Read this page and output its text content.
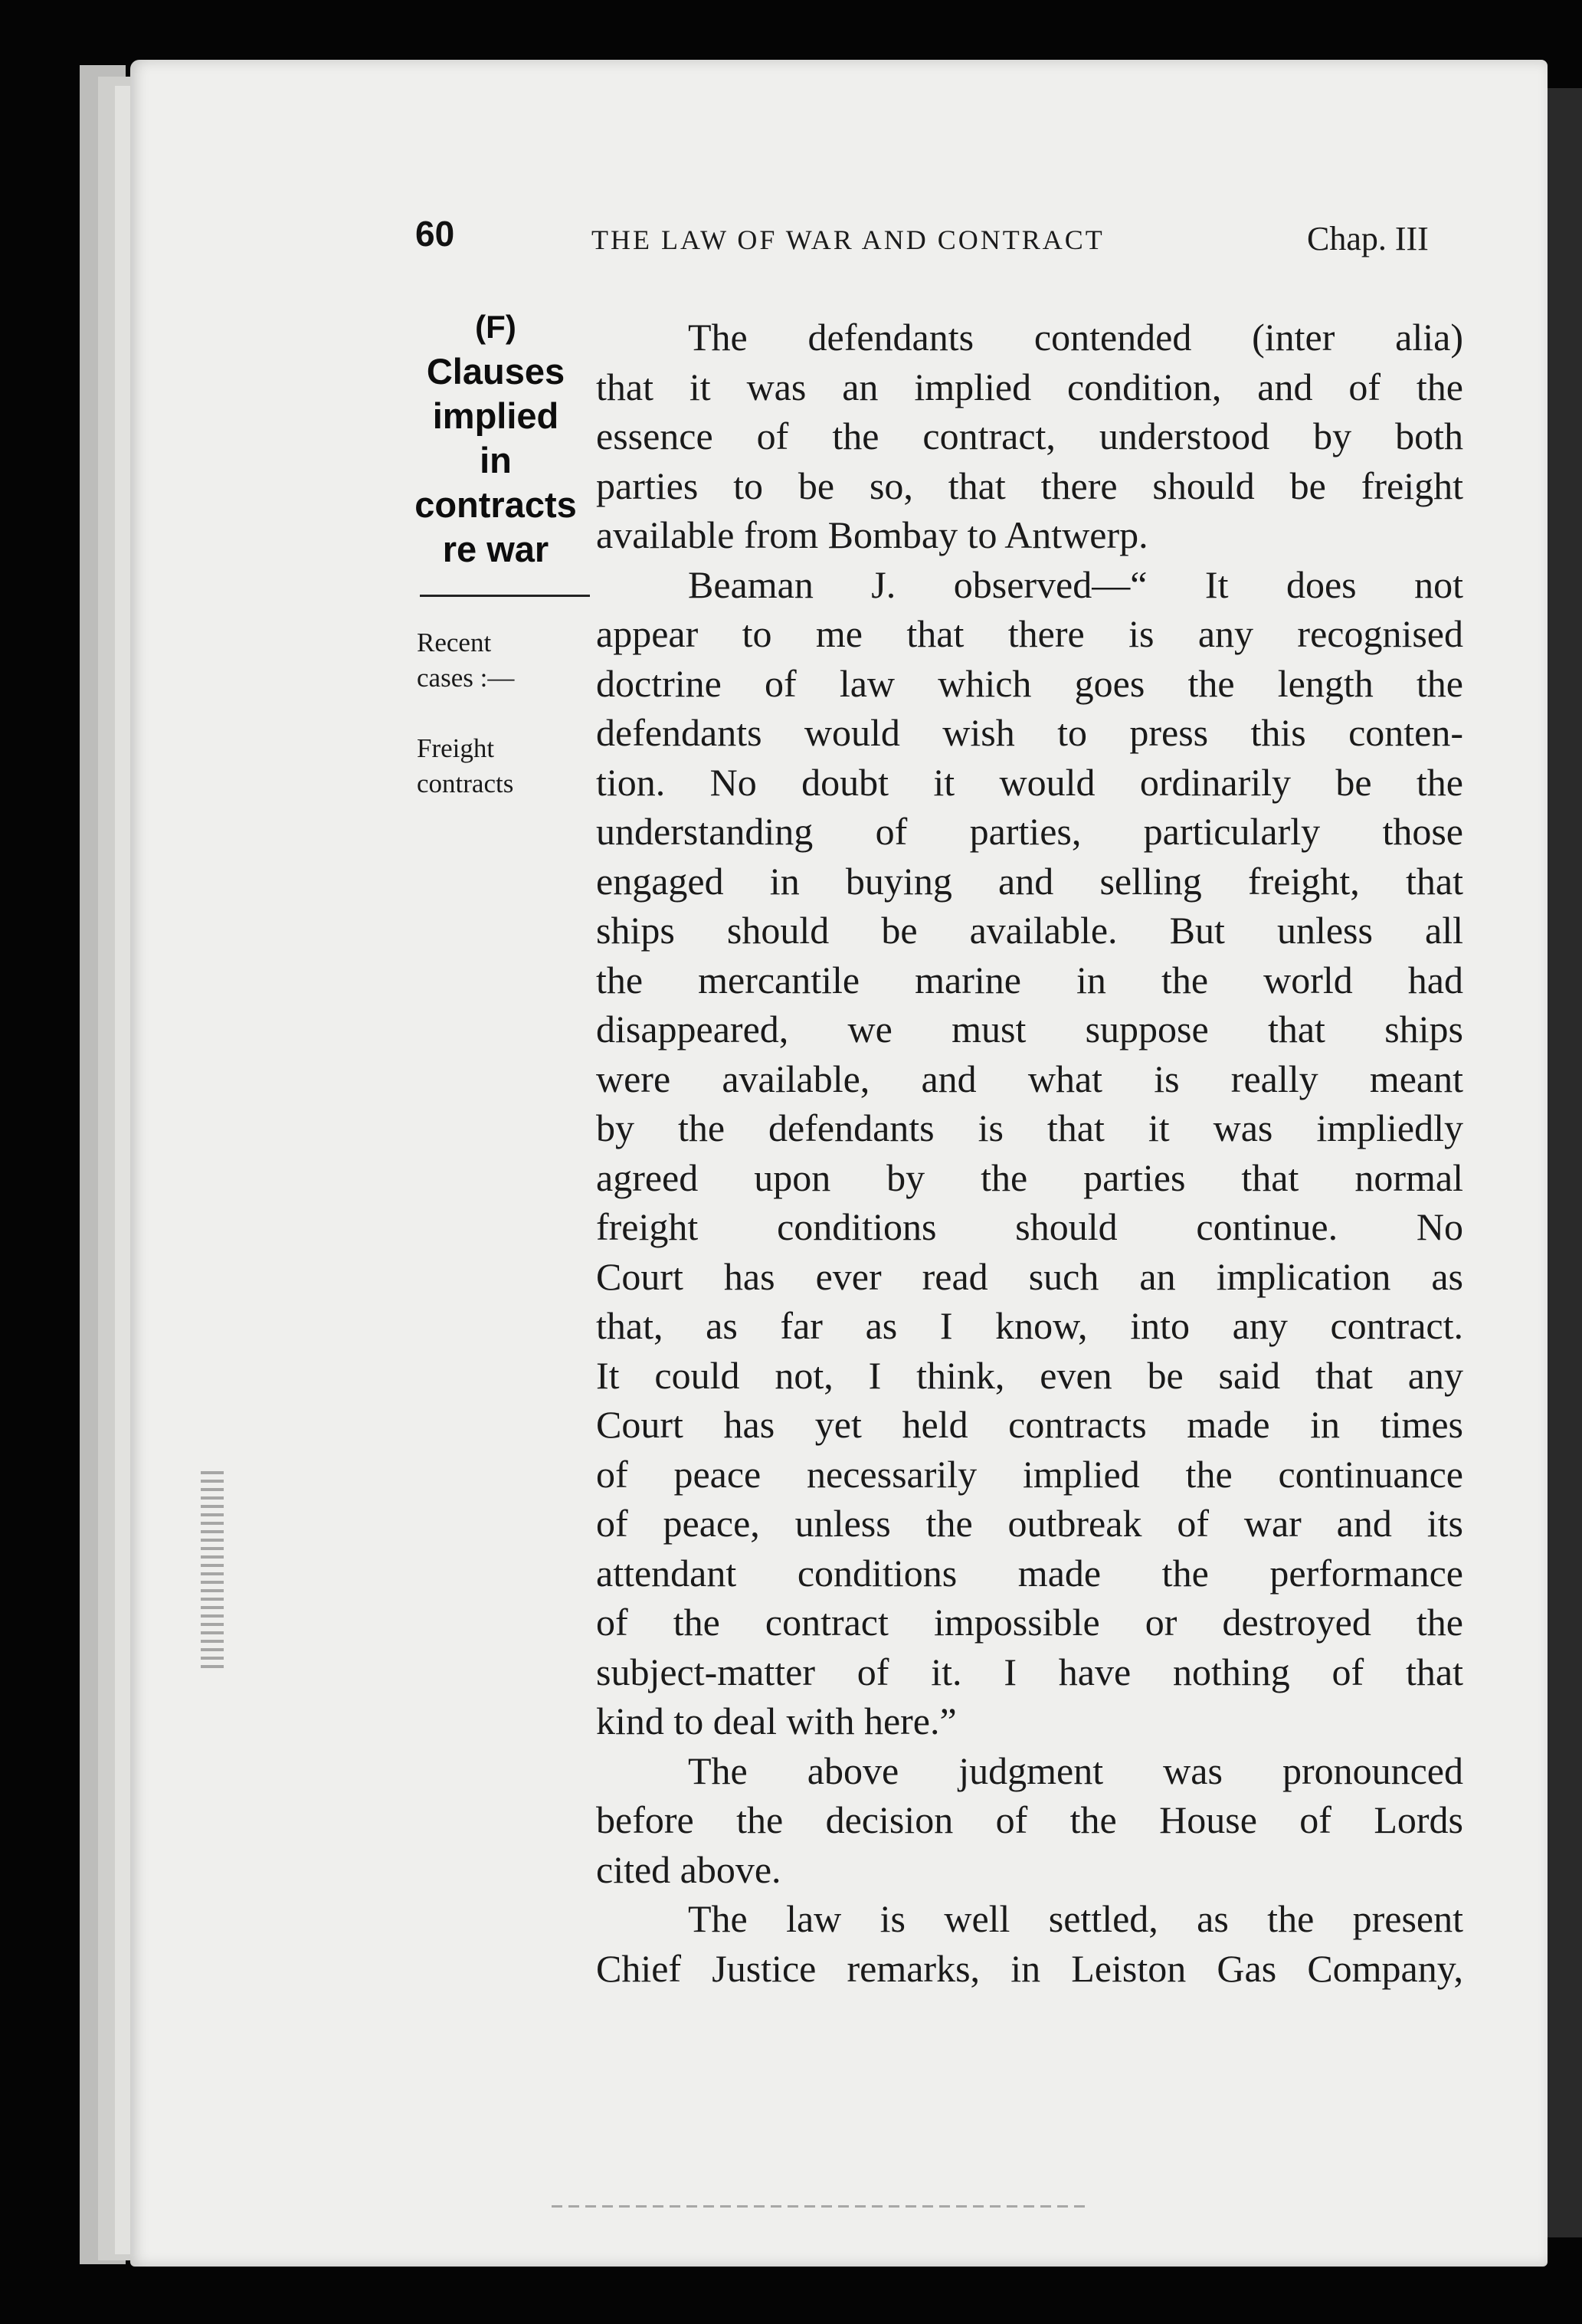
60	THE LAW OF WAR AND CONTRACT	Chap. III
(F)
Clauses
implied
in
contracts
re war
Recent
cases :—
Freight
contracts
The defendants contended (inter alia)
that it was an implied condition, and of the
essence of the contract, understood by both
parties to be so, that there should be freight
available from Bombay to Antwerp.
Beaman J. observed—“ It does not
appear to me that there is any recognised
doctrine of law which goes the length the
defendants would wish to press this conten-
tion. No doubt it would ordinarily be the
understanding of parties, particularly those
engaged in buying and selling freight, that
ships should be available. But unless all
the mercantile marine in the world had
disappeared, we must suppose that ships
were available, and what is really meant
by the defendants is that it was impliedly
agreed upon by the parties that normal
freight conditions should continue. No
Court has ever read such an implication as
that, as far as I know, into any contract.
It could not, I think, even be said that any
Court has yet held contracts made in times
of peace necessarily implied the continuance
of peace, unless the outbreak of war and its
attendant conditions made the performance
of the contract impossible or destroyed the
subject-matter of it. I have nothing of that
kind to deal with here.”
The above judgment was pronounced
before the decision of the House of Lords
cited above.
The law is well settled, as the present
Chief Justice remarks, in Leiston Gas Company,
